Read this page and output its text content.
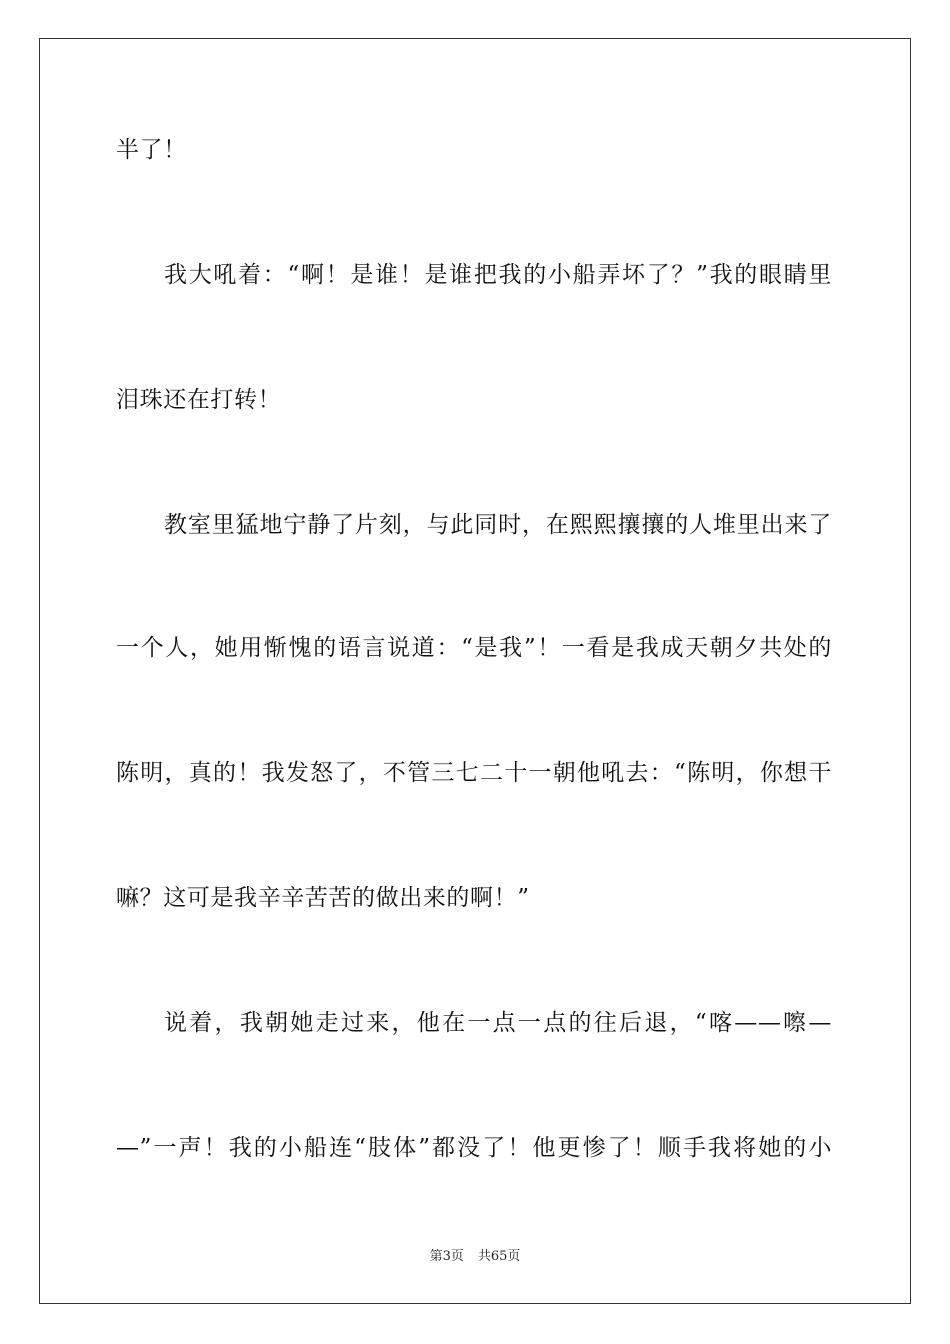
半了！
我大吼着：“啊！是谁！是谁把我的小船弄坏了？”我的眼睛里
泪珠还在打转！
教室里猛地宁静了片刻，与此同时，在熙熙攘攘的人堆里出来了
一个人，她用惭愧的语言说道：“是我”！一看是我成天朝夕共处的
陈明，真的！我发怒了，不管三七二十一朝他吼去：“陈明，你想干
嘛？这可是我辛辛苦苦的做出来的啊！”
说着，我朝她走过来，他在一点一点的往后退，“喀——嚓—
—”一声！我的小船连“肢体”都没了！他更惨了！顺手我将她的小
第3页 共65页
